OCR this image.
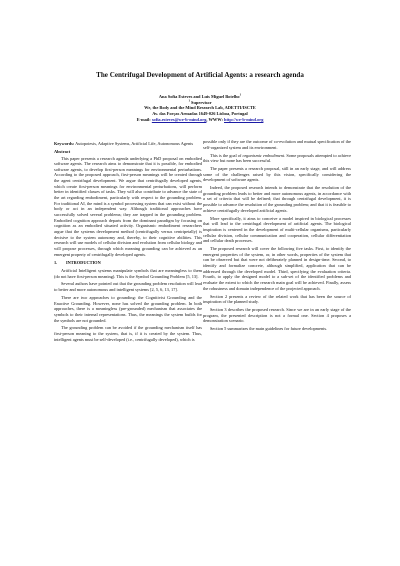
The Centrifugal Development of Artificial Agents: a research agenda
Ana Sofia Esteves and Luis Miguel Botelho$^1$
$^1$ Supervisor
We, the Body and the Mind Research Lab, ADETTI/ISCTE
Av. das Forças Armadas 1649-026 Lisboa, Portugal
E-mail: sofia.esteves@we-b-mind.org, WWW: http://we-b-mind.org

Keywords: Autopoiesis, Adaptive Systems, Artificial Life, Autonomous Agents

Abstract

This paper presents a research agenda underlying a PhD proposal on embodied software agents. The research aims to demonstrate that it is possible, for embodied software agents, to develop first-person meanings for environmental perturbations. According to the proposed approach, first-person meanings will be created through the agent centrifugal development. We argue that centrifugally developed agents, which create first-person meanings for environmental perturbations, will perform better in identified classes of tasks. They will also contribute to advance the state of the art regarding embodiment, particularly with respect to the grounding problem. For traditional AI, the mind is a symbol processing system that can exist without the body or act in an independent way. Although traditional approaches have successfully solved several problems; they are trapped in the grounding problem. Embodied cognition approach departs from the dominant paradigm by focusing on cognition as an embodied situated activity. Organismic embodiment researchers argue that the systems development method (centrifugally versus centripetally) is decisive to the system autonomy and, thereby, to their cognitive abilities. This research will use models of cellular division and evolution from cellular biology and will propose processes, through which meaning grounding can be achieved as an emergent property of centrifugally developed agents.

1.  INTRODUCTION

Artificial Intelligent systems manipulate symbols that are meaningless to them (do not have first-person meaning). This is the Symbol Grounding Problem [5, 13].

Several authors have pointed out that the grounding problem resolution will lead to better and more autonomous and intelligent systems [2, 5, 6, 13, 17].

There are two approaches to grounding: the Cognitivist Grounding and the Enactive Grounding. However, none has solved the grounding problem. In both approaches, there is a meaningless (pre-grounded) mechanism that associates the symbols to their internal representations. Thus, the meanings the system builds for the symbols are not grounded.

The grounding problem can be avoided if the grounding mechanism itself has first-person meaning to the system, that is, if it is created by the system. Thus, intelligent agents must be self-developed (i.e., centrifugally developed), which is

possible only if they are the outcome of co-evolution and mutual specification of the self-organized system and its environment.

This is the goal of organismic embodiment. Some proposals attempted to achieve this view but none has been successful.

The paper presents a research proposal, still in an early stage, and will address some of the challenges raised by this vision, specifically considering the development of software agents.

Indeed, the proposed research intends to demonstrate that the resolution of the grounding problem leads to better and more autonomous agents, in accordance with a set of criteria that will be defined; that through centrifugal development, it is possible to advance the resolution of the grounding problem; and that it is feasible to achieve centrifugally developed artificial agents.

More specifically, it aims to conceive a model inspired in biological processes that will lead to the centrifugal development of artificial agents. The biological inspiration is centered in the development of multi-cellular organisms, particularly cellular division, cellular communication and cooperation, cellular differentiation and cellular death processes.

The proposed research will cover the following five tasks. First, to identify the emergent properties of the system, or, in other words, properties of the system that can be observed but that were not deliberately planned in design-time. Second, to identify and formalize concrete, although simplified, application that can be addressed through the developed model. Third, specifying the evaluation criteria. Fourth, to apply the designed model to a sub-set of the identified problems and evaluate the extent to which the research main goal will be achieved. Finally, assess the robustness and domain independence of the projected approach.

Section 2 presents a review of the related work that has been the source of inspiration of the planned study.

Section 3 describes the proposed research. Since we are in an early stage of the program, the presented description is not a formal one. Section 4 proposes a demonstration scenario.

Section 5 summarizes the main guidelines for future developments.
